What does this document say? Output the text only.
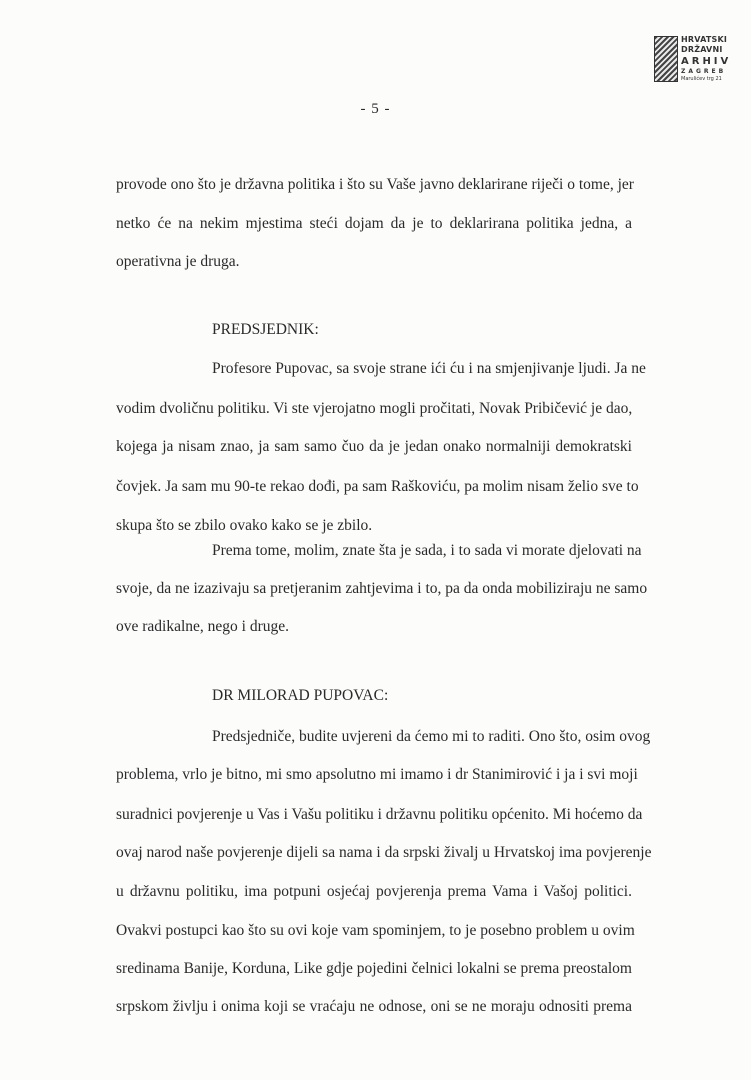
HRVATSKI
DRŽAVNI
ARHIV
ZAGREB
Marulićev trg 21
- 5 -
provode ono što je državna politika i što su Vaše javno deklarirane riječi o tome, jer
netko će na nekim mjestima steći dojam da je to deklarirana politika jedna, a
operativna je druga.
PREDSJEDNIK:
Profesore Pupovac, sa svoje strane ići ću i na smjenjivanje ljudi. Ja ne
vodim dvoličnu politiku. Vi ste vjerojatno mogli pročitati, Novak Pribičević je dao,
kojega ja nisam znao, ja sam samo čuo da je jedan onako normalniji demokratski
čovjek. Ja sam mu 90-te rekao dođi, pa sam Raškoviću, pa molim nisam želio sve to
skupa što se zbilo ovako kako se je zbilo.
Prema tome, molim, znate šta je sada, i to sada vi morate djelovati na
svoje, da ne izazivaju sa pretjeranim zahtjevima i to, pa da onda mobiliziraju ne samo
ove radikalne, nego i druge.
DR MILORAD PUPOVAC:
Predsjedniče, budite uvjereni da ćemo mi to raditi. Ono što, osim ovog
problema, vrlo je bitno, mi smo apsolutno mi imamo i dr Stanimirović i ja i svi moji
suradnici povjerenje u Vas i Vašu politiku i državnu politiku općenito. Mi hoćemo da
ovaj narod naše povjerenje dijeli sa nama i da srpski živalj u Hrvatskoj ima povjerenje
u državnu politiku, ima potpuni osjećaj povjerenja prema Vama i Vašoj politici.
Ovakvi postupci kao što su ovi koje vam spominjem, to je posebno problem u ovim
sredinama Banije, Korduna, Like gdje pojedini čelnici lokalni se prema preostalom
srpskom življu i onima koji se vraćaju ne odnose, oni se ne moraju odnositi prema
